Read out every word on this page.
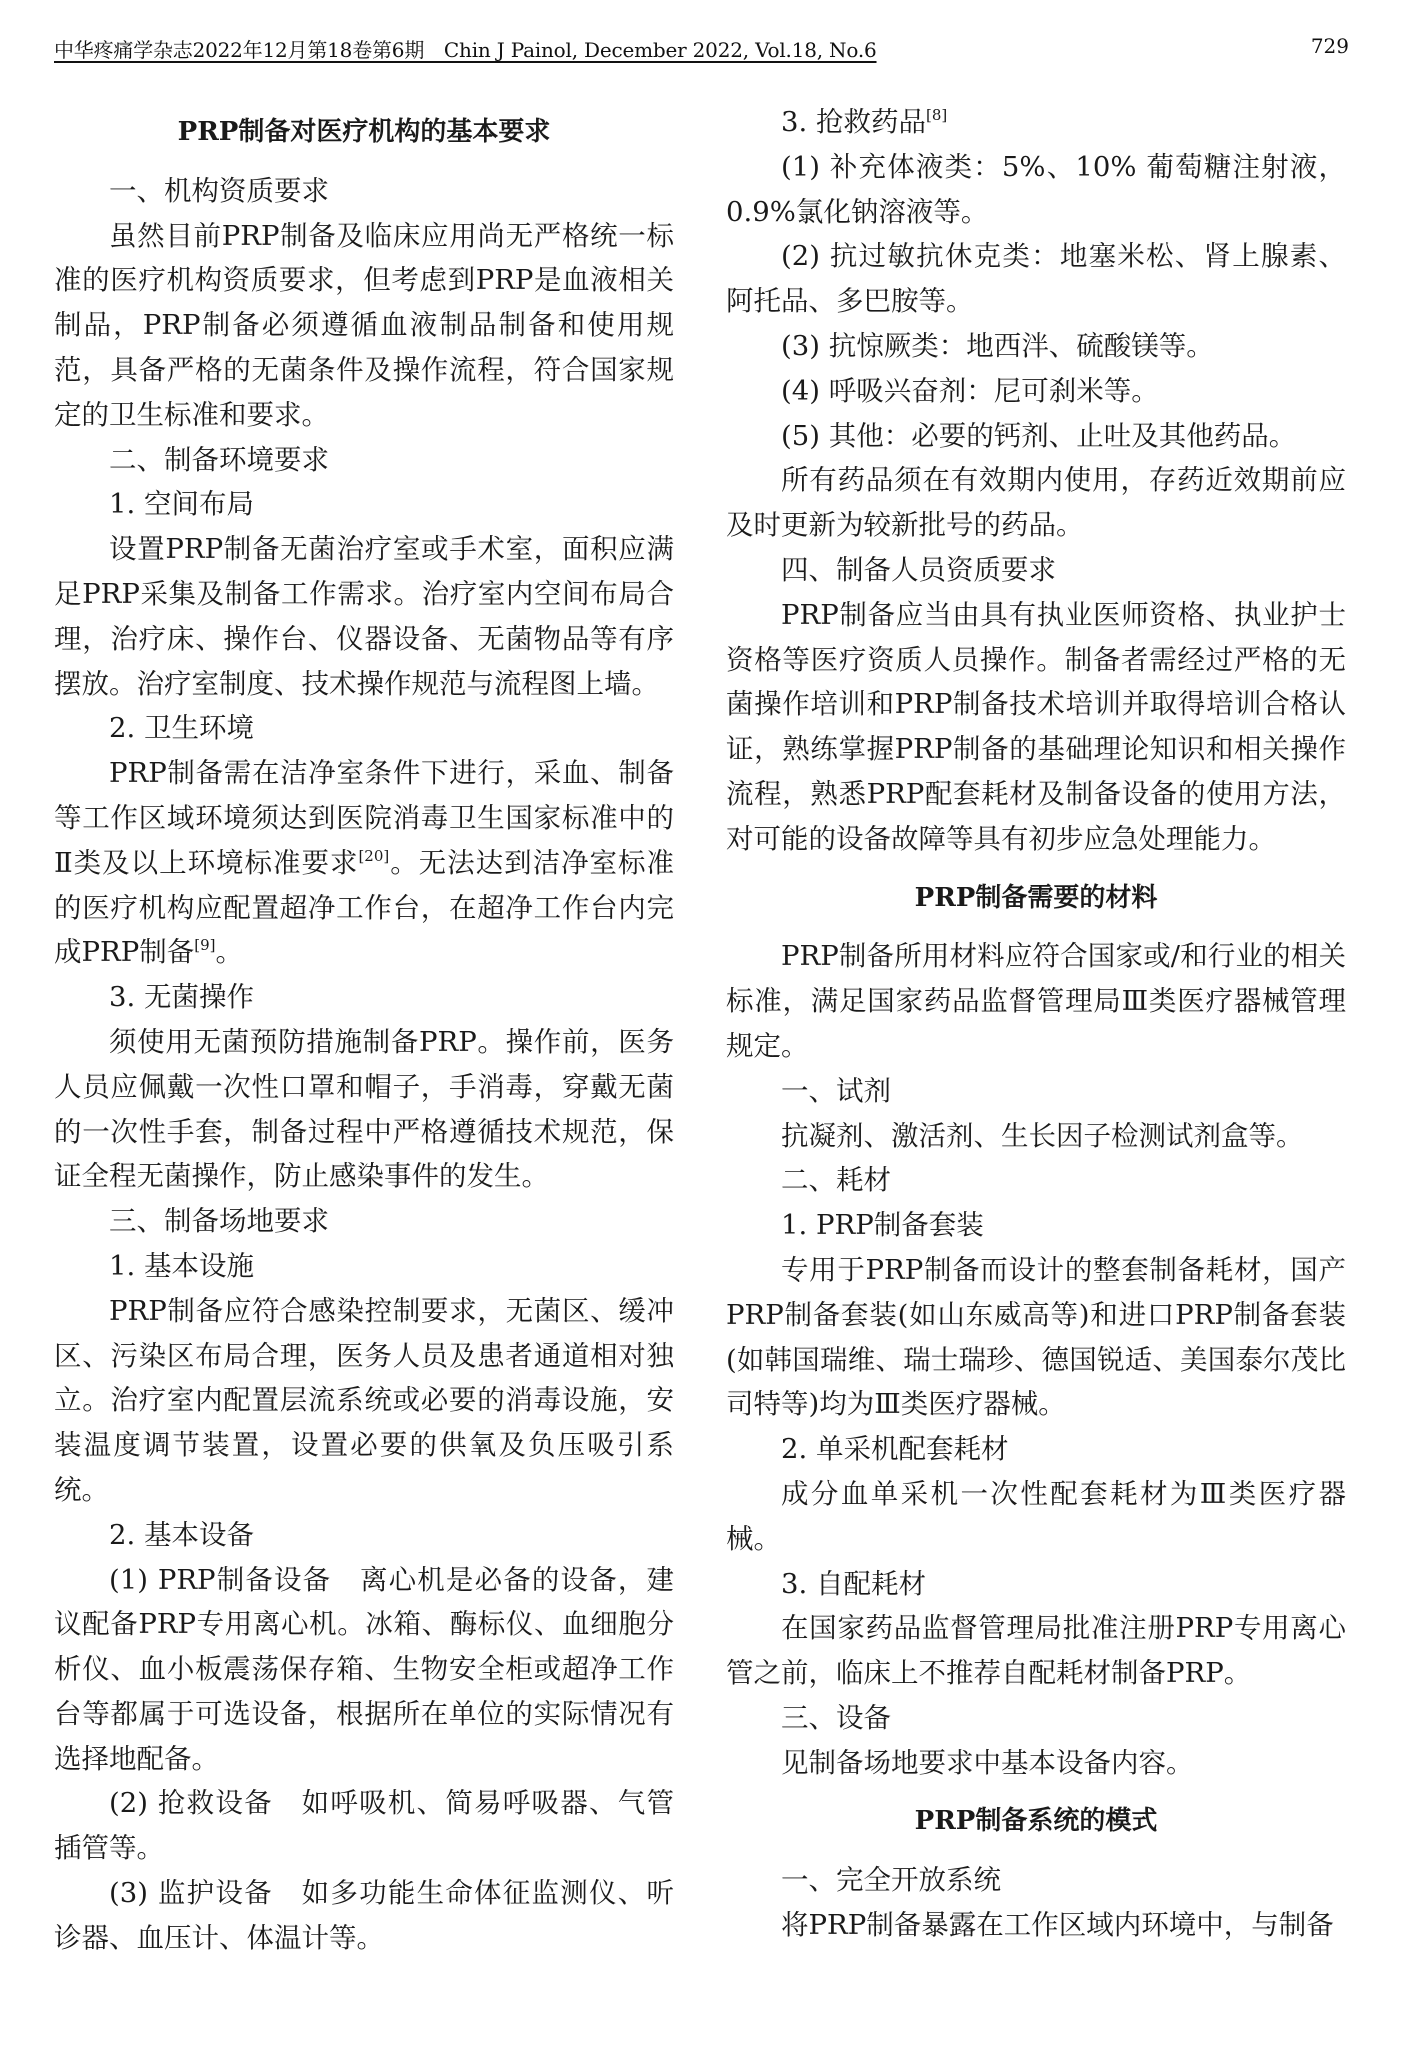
中华疼痛学杂志2022年12月第18卷第6期　Chin J Painol, December 2022, Vol.18, No.6	729

PRP制备对医疗机构的基本要求

一、机构资质要求

虽然目前PRP制备及临床应用尚无严格统一标准的医疗机构资质要求，但考虑到PRP是血液相关制品，PRP制备必须遵循血液制品制备和使用规范，具备严格的无菌条件及操作流程，符合国家规定的卫生标准和要求。

二、制备环境要求

1. 空间布局

设置PRP制备无菌治疗室或手术室，面积应满足PRP采集及制备工作需求。治疗室内空间布局合理，治疗床、操作台、仪器设备、无菌物品等有序摆放。治疗室制度、技术操作规范与流程图上墙。

2. 卫生环境

PRP制备需在洁净室条件下进行，采血、制备等工作区域环境须达到医院消毒卫生国家标准中的Ⅱ类及以上环境标准要求[20]。无法达到洁净室标准的医疗机构应配置超净工作台，在超净工作台内完成PRP制备[9]。

3. 无菌操作

须使用无菌预防措施制备PRP。操作前，医务人员应佩戴一次性口罩和帽子，手消毒，穿戴无菌的一次性手套，制备过程中严格遵循技术规范，保证全程无菌操作，防止感染事件的发生。

三、制备场地要求

1. 基本设施

PRP制备应符合感染控制要求，无菌区、缓冲区、污染区布局合理，医务人员及患者通道相对独立。治疗室内配置层流系统或必要的消毒设施，安装温度调节装置，设置必要的供氧及负压吸引系统。

2. 基本设备

(1) PRP制备设备　离心机是必备的设备，建议配备PRP专用离心机。冰箱、酶标仪、血细胞分析仪、血小板震荡保存箱、生物安全柜或超净工作台等都属于可选设备，根据所在单位的实际情况有选择地配备。

(2) 抢救设备　如呼吸机、简易呼吸器、气管插管等。

(3) 监护设备　如多功能生命体征监测仪、听诊器、血压计、体温计等。

3. 抢救药品[8]

(1) 补充体液类：5%、10% 葡萄糖注射液，0.9%氯化钠溶液等。

(2) 抗过敏抗休克类：地塞米松、肾上腺素、阿托品、多巴胺等。

(3) 抗惊厥类：地西泮、硫酸镁等。

(4) 呼吸兴奋剂：尼可刹米等。

(5) 其他：必要的钙剂、止吐及其他药品。

所有药品须在有效期内使用，存药近效期前应及时更新为较新批号的药品。

四、制备人员资质要求

PRP制备应当由具有执业医师资格、执业护士资格等医疗资质人员操作。制备者需经过严格的无菌操作培训和PRP制备技术培训并取得培训合格认证，熟练掌握PRP制备的基础理论知识和相关操作流程，熟悉PRP配套耗材及制备设备的使用方法，对可能的设备故障等具有初步应急处理能力。

PRP制备需要的材料

PRP制备所用材料应符合国家或/和行业的相关标准，满足国家药品监督管理局Ⅲ类医疗器械管理规定。

一、试剂

抗凝剂、激活剂、生长因子检测试剂盒等。

二、耗材

1. PRP制备套装

专用于PRP制备而设计的整套制备耗材，国产PRP制备套装(如山东威高等)和进口PRP制备套装(如韩国瑞维、瑞士瑞珍、德国锐适、美国泰尔茂比司特等)均为Ⅲ类医疗器械。

2. 单采机配套耗材

成分血单采机一次性配套耗材为Ⅲ类医疗器械。

3. 自配耗材

在国家药品监督管理局批准注册PRP专用离心管之前，临床上不推荐自配耗材制备PRP。

三、设备

见制备场地要求中基本设备内容。

PRP制备系统的模式

一、完全开放系统

将PRP制备暴露在工作区域内环境中，与制备
